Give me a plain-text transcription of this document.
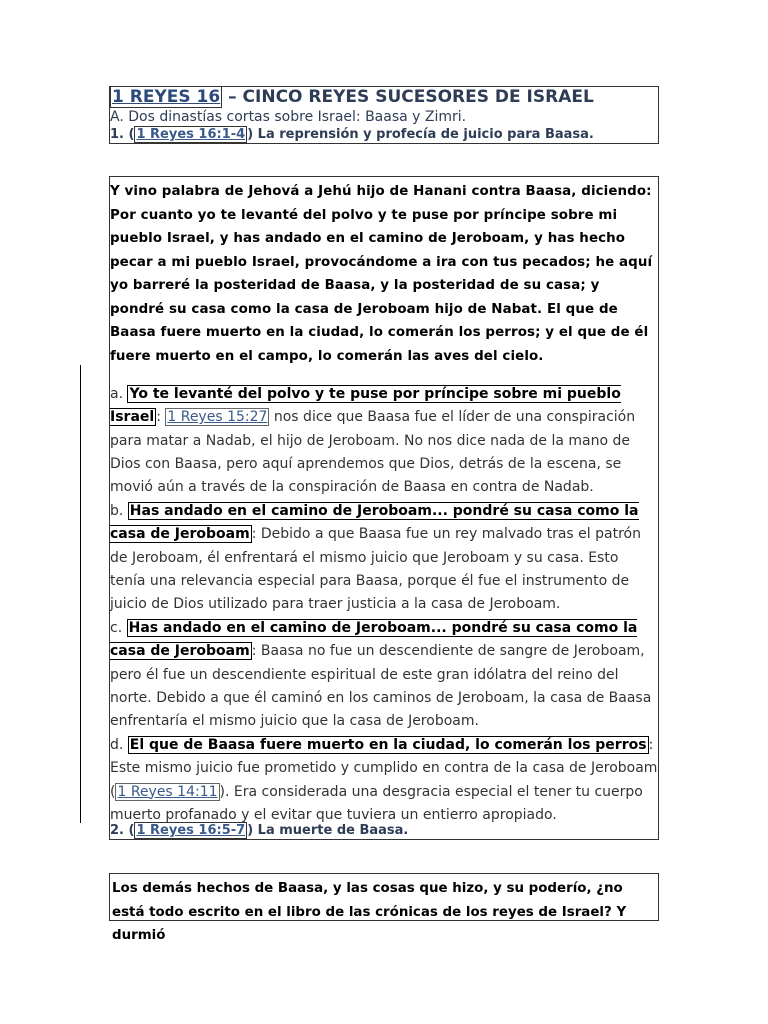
1 REYES 16 – CINCO REYES SUCESORES DE ISRAEL
A. Dos dinastías cortas sobre Israel: Baasa y Zimri.
1. ( 1 Reyes 16:1-4 ) La reprensión y profecía de juicio para Baasa.
Y vino palabra de Jehová a Jehú hijo de Hanani contra Baasa, diciendo: Por cuanto yo te levanté del polvo y te puse por príncipe sobre mi pueblo Israel, y has andado en el camino de Jeroboam, y has hecho pecar a mi pueblo Israel, provocándome a ira con tus pecados; he aquí yo barreré la posteridad de Baasa, y la posteridad de su casa; y pondré su casa como la casa de Jeroboam hijo de Nabat. El que de Baasa fuere muerto en la ciudad, lo comerán los perros; y el que de él fuere muerto en el campo, lo comerán las aves del cielo.
a. Yo te levanté del polvo y te puse por príncipe sobre mi pueblo Israel : 1 Reyes 15:27 nos dice que Baasa fue el líder de una conspiración para matar a Nadab, el hijo de Jeroboam. No nos dice nada de la mano de Dios con Baasa, pero aquí aprendemos que Dios, detrás de la escena, se movió aún a través de la conspiración de Baasa en contra de Nadab.
b. Has andado en el camino de Jeroboam... pondré su casa como la casa de Jeroboam : Debido a que Baasa fue un rey malvado tras el patrón de Jeroboam, él enfrentará el mismo juicio que Jeroboam y su casa. Esto tenía una relevancia especial para Baasa, porque él fue el instrumento de juicio de Dios utilizado para traer justicia a la casa de Jeroboam.
c. Has andado en el camino de Jeroboam... pondré su casa como la casa de Jeroboam : Baasa no fue un descendiente de sangre de Jeroboam, pero él fue un descendiente espiritual de este gran idólatra del reino del norte. Debido a que él caminó en los caminos de Jeroboam, la casa de Baasa enfrentaría el mismo juicio que la casa de Jeroboam.
d. El que de Baasa fuere muerto en la ciudad, lo comerán los perros : Este mismo juicio fue prometido y cumplido en contra de la casa de Jeroboam ( 1 Reyes 14:11 ). Era considerada una desgracia especial el tener tu cuerpo muerto profanado y el evitar que tuviera un entierro apropiado.
2. ( 1 Reyes 16:5-7 ) La muerte de Baasa.
Los demás hechos de Baasa, y las cosas que hizo, y su poderío, ¿no está todo escrito en el libro de las crónicas de los reyes de Israel? Y durmió
